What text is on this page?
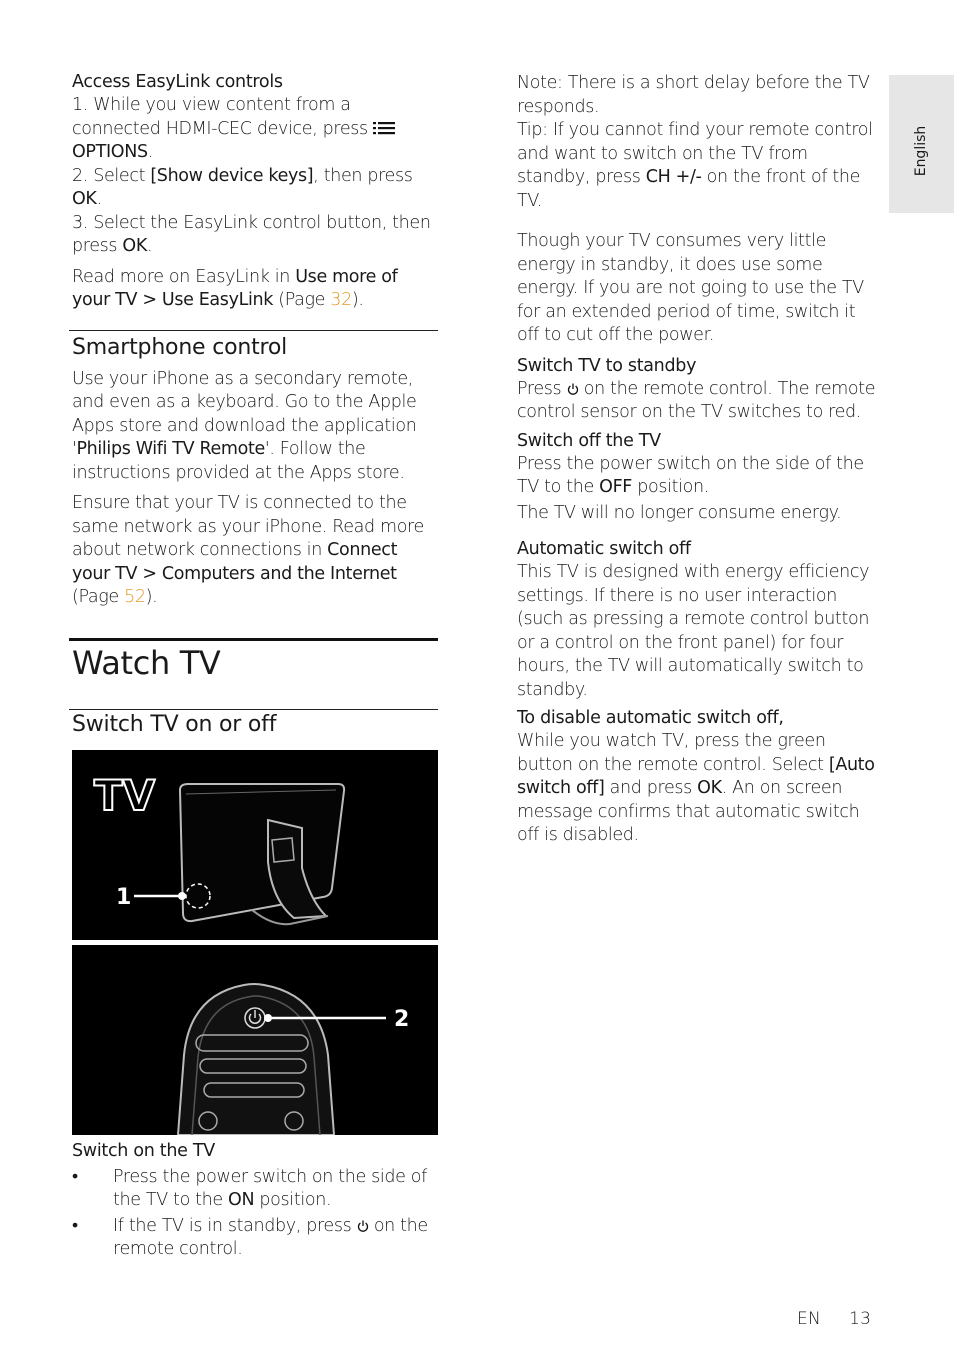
English

Access EasyLink controls

1. While you view content from a connected HDMI-CEC device, press  OPTIONS.

2. Select [Show device keys], then press OK.

3. Select the EasyLink control button, then press OK.

Read more on EasyLink in Use more of your TV > Use EasyLink (Page 32).

Smartphone control

Use your iPhone as a secondary remote, and even as a keyboard. Go to the Apple Apps store and download the application 'Philips Wifi TV Remote'. Follow the instructions provided at the Apps store.

Ensure that your TV is connected to the same network as your iPhone. Read more about network connections in Connect your TV > Computers and the Internet (Page 52).

Watch TV

Switch TV on or off

TV
1
2

Switch on the TV

• Press the power switch on the side of the TV to the ON position.
• If the TV is in standby, press on the remote control.

Note: There is a short delay before the TV responds.

Tip: If you cannot find your remote control and want to switch on the TV from standby, press CH +/- on the front of the TV.

Though your TV consumes very little energy in standby, it does use some energy. If you are not going to use the TV for an extended period of time, switch it off to cut off the power.

Switch TV to standby

Press on the remote control. The remote control sensor on the TV switches to red.

Switch off the TV

Press the power switch on the side of the TV to the OFF position.

The TV will no longer consume energy.

Automatic switch off

This TV is designed with energy efficiency settings. If there is no user interaction (such as pressing a remote control button or a control on the front panel) for four hours, the TV will automatically switch to standby.

To disable automatic switch off,

While you watch TV, press the green button on the remote control. Select [Auto switch off] and press OK. An on screen message confirms that automatic switch off is disabled.

EN 13
